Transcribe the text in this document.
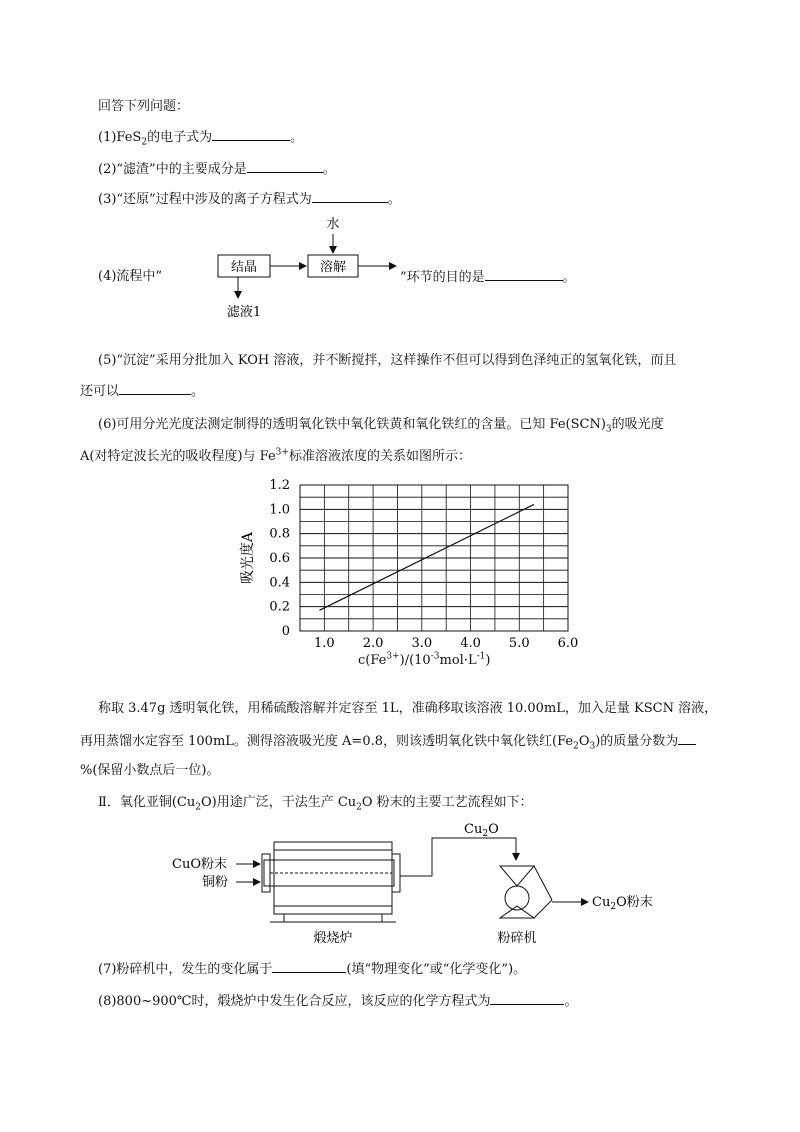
回答下列问题：
(1)FeS$_2$的电子式为	。
(2)“滤渣”中的主要成分是	。
(3)“还原”过程中涉及的离子方程式为	。
(4)流程中“	”环节的目的是	。
结晶	溶解
水
滤液1
(5)“沉淀”采用分批加入 KOH 溶液，并不断搅拌，这样操作不但可以得到色泽纯正的氢氧化铁，而且
还可以	。
(6)可用分光光度法测定制得的透明氧化铁中氧化铁黄和氧化铁红的含量。已知 $Fe(SCN)_3$的吸光度
A(对特定波长光的吸收程度)与 $Fe^{3+}$标准溶液浓度的关系如图所示：
0
0.2
0.4
0.6
0.8
1.0
1.2
1.0 2.0 3.0 4.0 5.0 6.0
吸光度A
$c(Fe^{3+})/(10^{-3}mol\cdot L^{-1})$
称取 3.47g 透明氧化铁，用稀硫酸溶解并定容至 1L，准确移取该溶液 10.00mL，加入足量 KSCN 溶液，
再用蒸馏水定容至 100mL。测得溶液吸光度 A=0.8，则该透明氧化铁中氧化铁红$(Fe_2O_3)$的质量分数为
%(保留小数点后一位)。
Ⅱ．氧化亚铜$(Cu_2O)$用途广泛，干法生产 $Cu_2O$ 粉末的主要工艺流程如下：
CuO粉末
铜粉
煅烧炉
$Cu_2O$
$Cu_2O$粉末
粉碎机
(7)粉碎机中，发生的变化属于	(填“物理变化”或“化学变化”)。
(8)800~900℃时，煅烧炉中发生化合反应，该反应的化学方程式为	。
